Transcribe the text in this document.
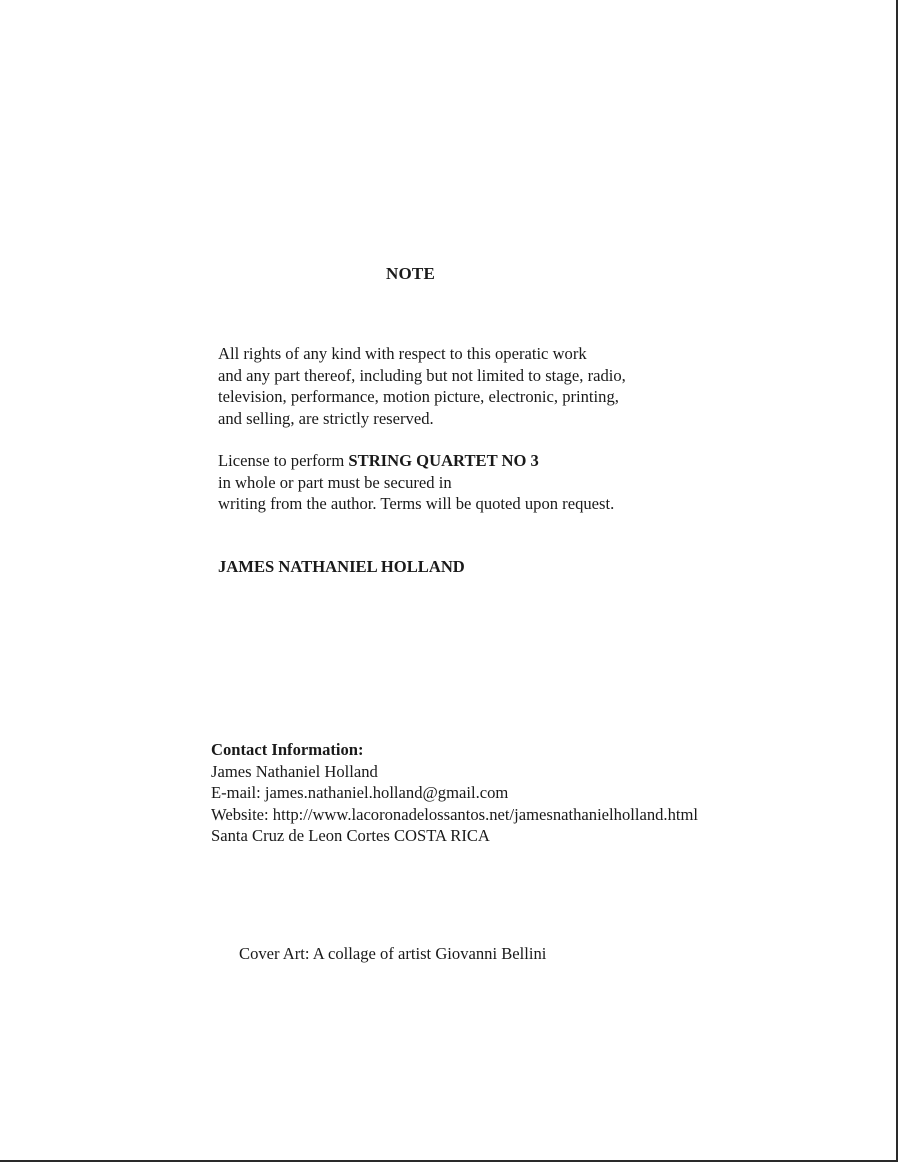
NOTE
All rights of any kind with respect to this operatic work
and any part thereof, including but not limited to stage, radio,
television, performance, motion picture, electronic, printing,
and selling, are strictly reserved.
License to perform STRING QUARTET NO 3
in whole or part must be secured in
writing from the author. Terms will be quoted upon request.
JAMES NATHANIEL HOLLAND
Contact Information:
James Nathaniel Holland
E-mail: james.nathaniel.holland@gmail.com
Website: http://www.lacoronadelossantos.net/jamesnathanielholland.html
Santa Cruz de Leon Cortes COSTA RICA
Cover Art: A collage of artist Giovanni Bellini
